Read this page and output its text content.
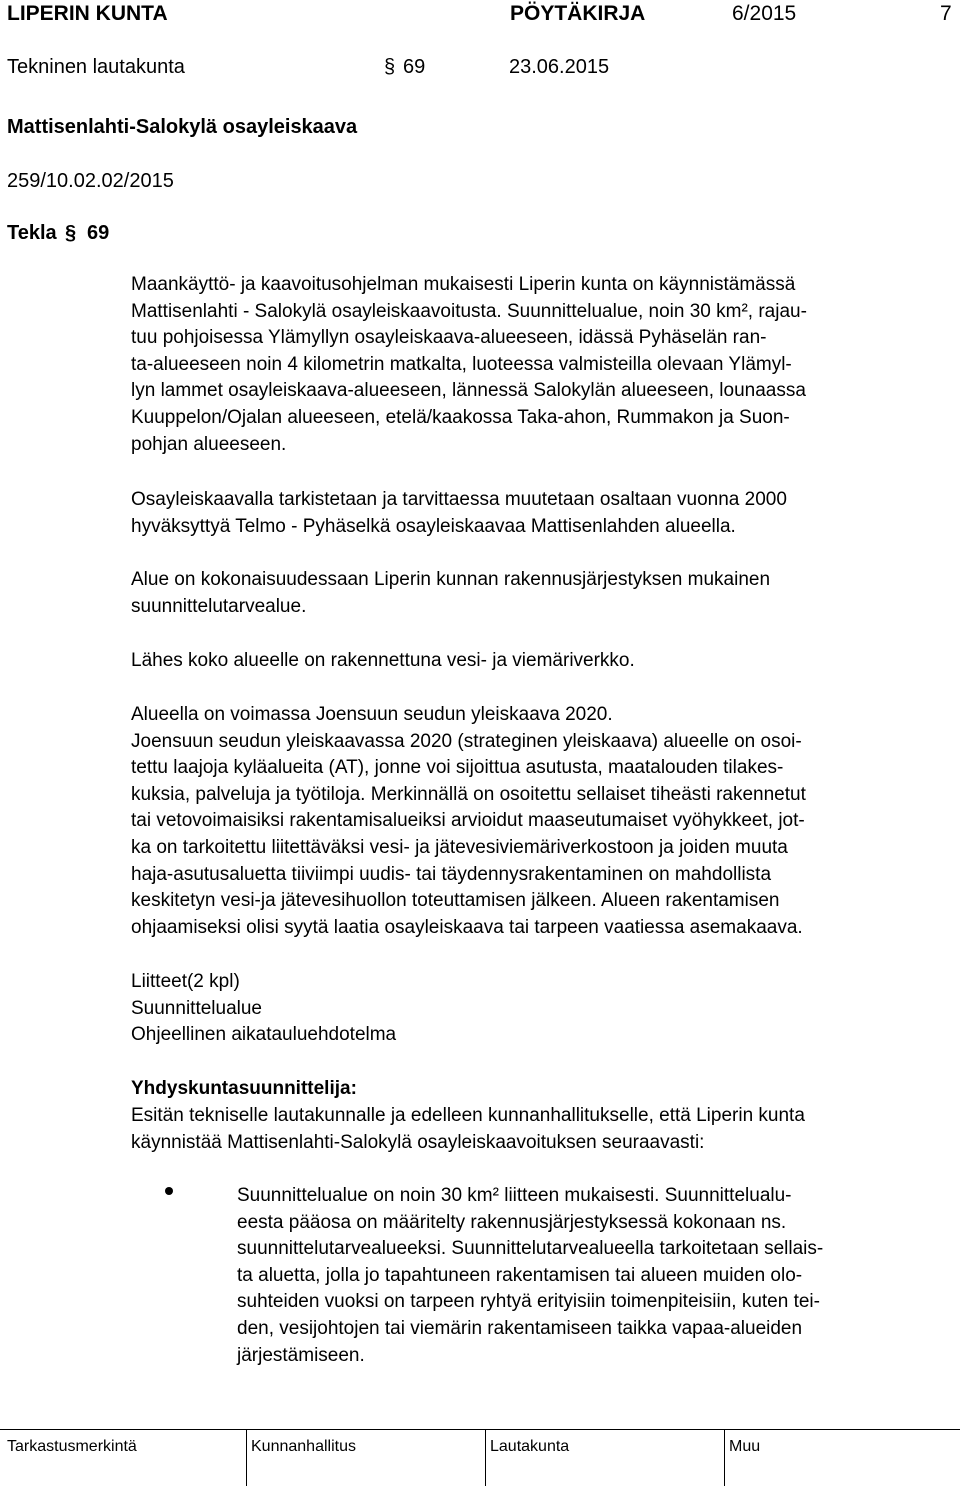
LIPERIN KUNTA	PÖYTÄKIRJA	6/2015	7
Tekninen lautakunta	§ 69	23.06.2015
Mattisenlahti-Salokylä osayleiskaava
259/10.02.02/2015
Tekla § 69
Maankäyttö- ja kaavoitusohjelman mukaisesti Liperin kunta on käynnistämässä
Mattisenlahti - Salokylä osayleiskaavoitusta. Suunnittelualue, noin 30 km², rajau-
tuu pohjoisessa Ylämyllyn osayleiskaava-alueeseen, idässä Pyhäselän ran-
ta-alueeseen noin 4 kilometrin matkalta, luoteessa valmisteilla olevaan Ylämyl-
lyn lammet osayleiskaava-alueeseen, lännessä Salokylän alueeseen, lounaassa
Kuuppelon/Ojalan alueeseen, etelä/kaakossa Taka-ahon, Rummakon ja Suon-
pohjan alueeseen.
Osayleiskaavalla tarkistetaan ja tarvittaessa muutetaan osaltaan vuonna 2000
hyväksyttyä Telmo - Pyhäselkä osayleiskaavaa Mattisenlahden alueella.
Alue on kokonaisuudessaan Liperin kunnan rakennusjärjestyksen mukainen
suunnittelutarvealue.
Lähes koko alueelle on rakennettuna vesi- ja viemäriverkko.
Alueella on voimassa Joensuun seudun yleiskaava 2020.
Joensuun seudun yleiskaavassa 2020 (strateginen yleiskaava) alueelle on osoi-
tettu laajoja kyläalueita (AT), jonne voi sijoittua asutusta, maatalouden tilakes-
kuksia, palveluja ja työtiloja. Merkinnällä on osoitettu sellaiset tiheästi rakennetut
tai vetovoimaisiksi rakentamisalueiksi arvioidut maaseutumaiset vyöhykkeet, jot-
ka on tarkoitettu liitettäväksi vesi- ja jätevesiviemäriverkostoon ja joiden muuta
haja-asutusaluetta tiiviimpi uudis- tai täydennysrakentaminen on mahdollista
keskitetyn vesi-ja jätevesihuollon toteuttamisen jälkeen. Alueen rakentamisen
ohjaamiseksi olisi syytä laatia osayleiskaava tai tarpeen vaatiessa asemakaava.
Liitteet(2 kpl)
Suunnittelualue
Ohjeellinen aikatauluehdotelma
Yhdyskuntasuunnittelija:
Esitän tekniselle lautakunnalle ja edelleen kunnanhallitukselle, että Liperin kunta
käynnistää Mattisenlahti-Salokylä osayleiskaavoituksen seuraavasti:
Suunnittelualue on noin 30 km² liitteen mukaisesti. Suunnittelualu-
eesta pääosa on määritelty rakennusjärjestyksessä kokonaan ns.
suunnittelutarvealueeksi. Suunnittelutarvealueella tarkoitetaan sellais-
ta aluetta, jolla jo tapahtuneen rakentamisen tai alueen muiden olo-
suhteiden vuoksi on tarpeen ryhtyä erityisiin toimenpiteisiin, kuten tei-
den, vesijohtojen tai viemärin rakentamiseen taikka vapaa-alueiden
järjestämiseen.
Tarkastusmerkintä	Kunnanhallitus	Lautakunta	Muu
